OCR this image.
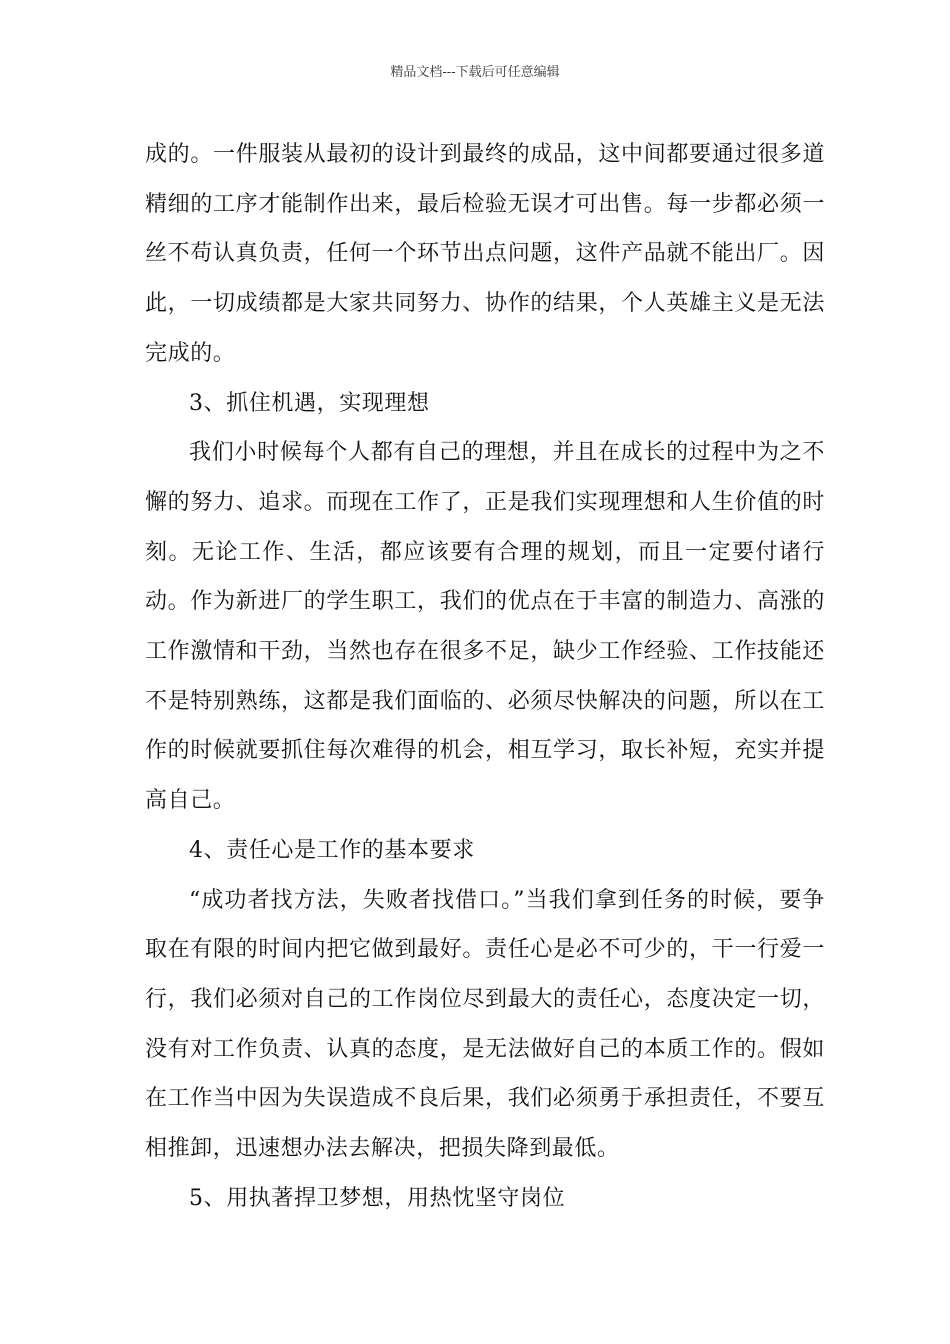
精品文档---下载后可任意编辑

成的。一件服装从最初的设计到最终的成品，这中间都要通过很多道精细的工序才能制作出来，最后检验无误才可出售。每一步都必须一丝不苟认真负责，任何一个环节出点问题，这件产品就不能出厂。因此，一切成绩都是大家共同努力、协作的结果，个人英雄主义是无法完成的。

3、抓住机遇，实现理想

我们小时候每个人都有自己的理想，并且在成长的过程中为之不懈的努力、追求。而现在工作了，正是我们实现理想和人生价值的时刻。无论工作、生活，都应该要有合理的规划，而且一定要付诸行动。作为新进厂的学生职工，我们的优点在于丰富的制造力、高涨的工作激情和干劲，当然也存在很多不足，缺少工作经验、工作技能还不是特别熟练，这都是我们面临的、必须尽快解决的问题，所以在工作的时候就要抓住每次难得的机会，相互学习，取长补短，充实并提高自己。

4、责任心是工作的基本要求

“成功者找方法，失败者找借口。”当我们拿到任务的时候，要争取在有限的时间内把它做到最好。责任心是必不可少的，干一行爱一行，我们必须对自己的工作岗位尽到最大的责任心，态度决定一切，没有对工作负责、认真的态度，是无法做好自己的本质工作的。假如在工作当中因为失误造成不良后果，我们必须勇于承担责任，不要互相推卸，迅速想办法去解决，把损失降到最低。

5、用执著捍卫梦想，用热忱坚守岗位
